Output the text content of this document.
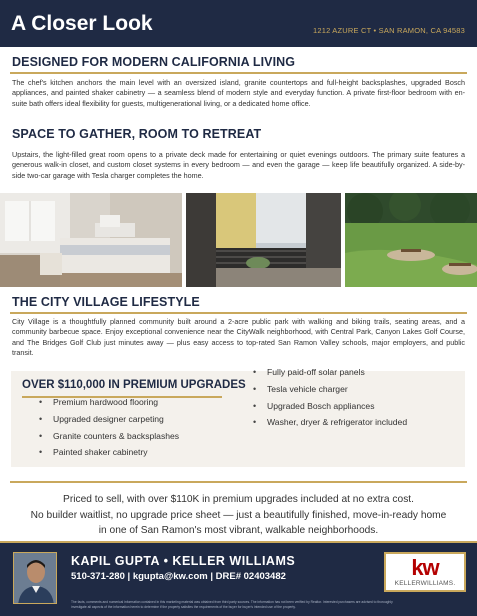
A Closer Look	1212 AZURE CT • SAN RAMON, CA 94583
DESIGNED FOR MODERN CALIFORNIA LIVING
The chef's kitchen anchors the main level with an oversized island, granite countertops and full-height backsplashes, upgraded Bosch appliances, and painted shaker cabinetry — a seamless blend of modern style and everyday function. A private first-floor bedroom with en-suite bath offers ideal flexibility for guests, multigenerational living, or a dedicated home office.
SPACE TO GATHER, ROOM TO RETREAT
Upstairs, the light-filled great room opens to a private deck made for entertaining or quiet evenings outdoors. The primary suite features a generous walk-in closet, and custom closet systems in every bedroom — and even the garage — keep life beautifully organized. A side-by-side two-car garage with Tesla charger completes the home.
THE CITY VILLAGE LIFESTYLE
City Village is a thoughtfully planned community built around a 2-acre public park with walking and biking trails, seating areas, and a community barbecue space. Enjoy exceptional convenience near the CityWalk neighborhood, with Central Park, Canyon Lakes Golf Course, and The Bridges Golf Club just minutes away — plus easy access to top-rated San Ramon Valley schools, major employers, and public transit.
OVER $110,000 IN PREMIUM UPGRADES
• Premium hardwood flooring
• Upgraded designer carpeting
• Granite counters & backsplashes
• Painted shaker cabinetry
• Fully paid-off solar panels
• Tesla vehicle charger
• Upgraded Bosch appliances
• Washer, dryer & refrigerator included

Priced to sell, with over $110K in premium upgrades included at no extra cost.

No builder waitlist, no upgrade price sheet — just a beautifully finished, move-in-ready home

in one of San Ramon's most vibrant, walkable neighborhoods.

KAPIL GUPTA • KELLER WILLIAMS
510-371-280 | kgupta@kw.com | DRE# 02403482
The facts, comments and numerical information contained in this marketing material was obtained from third party sources. The information has not been verified by Realtor. Interested purchasers are advised to thoroughly investigate all aspects of the information herein to determine if the property satisfies the requirements of the buyer for buyer's intended use of the property.
kw
KELLERWILLIAMS.
